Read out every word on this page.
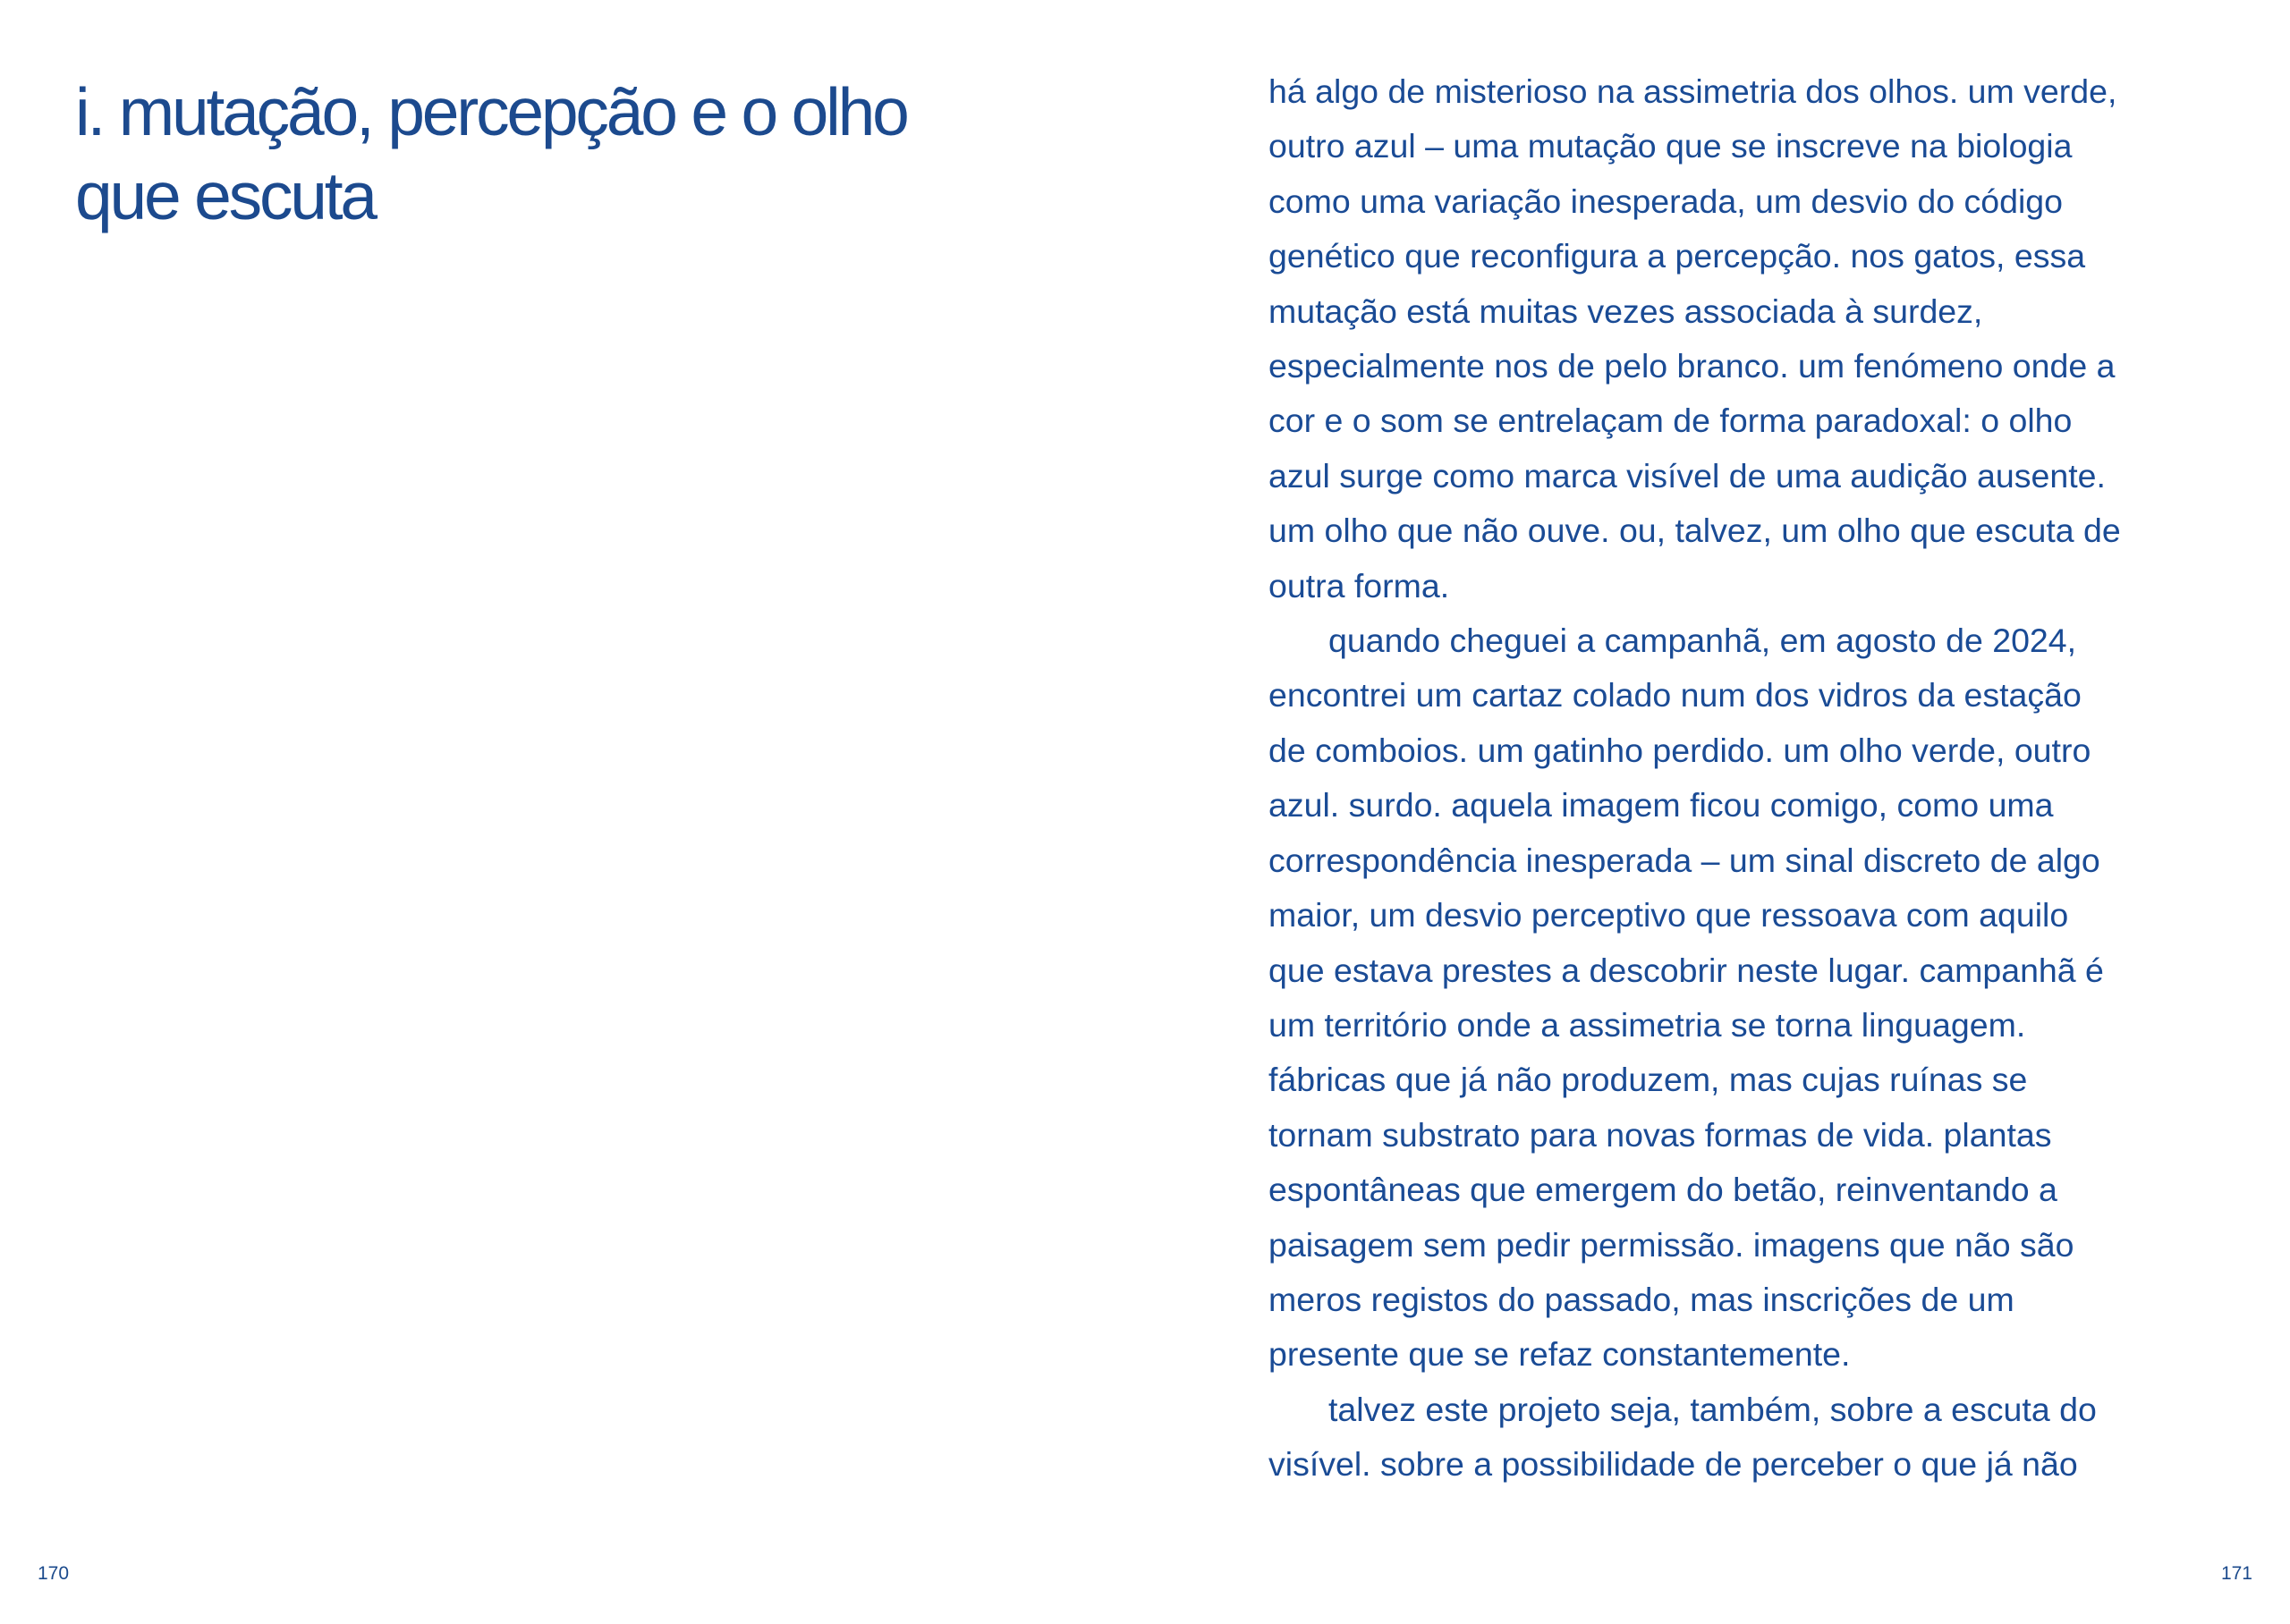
i. mutação, percepção e o olho
que escuta
há algo de misterioso na assimetria dos olhos. um verde,
outro azul – uma mutação que se inscreve na biologia
como uma variação inesperada, um desvio do código
genético que reconfigura a percepção. nos gatos, essa
mutação está muitas vezes associada à surdez,
especialmente nos de pelo branco. um fenómeno onde a
cor e o som se entrelaçam de forma paradoxal: o olho
azul surge como marca visível de uma audição ausente.
um olho que não ouve. ou, talvez, um olho que escuta de
outra forma.
quando cheguei a campanhã, em agosto de 2024,
encontrei um cartaz colado num dos vidros da estação
de comboios. um gatinho perdido. um olho verde, outro
azul. surdo. aquela imagem ficou comigo, como uma
correspondência inesperada – um sinal discreto de algo
maior, um desvio perceptivo que ressoava com aquilo
que estava prestes a descobrir neste lugar. campanhã é
um território onde a assimetria se torna linguagem.
fábricas que já não produzem, mas cujas ruínas se
tornam substrato para novas formas de vida. plantas
espontâneas que emergem do betão, reinventando a
paisagem sem pedir permissão. imagens que não são
meros registos do passado, mas inscrições de um
presente que se refaz constantemente.
talvez este projeto seja, também, sobre a escuta do
visível. sobre a possibilidade de perceber o que já não
170	171
